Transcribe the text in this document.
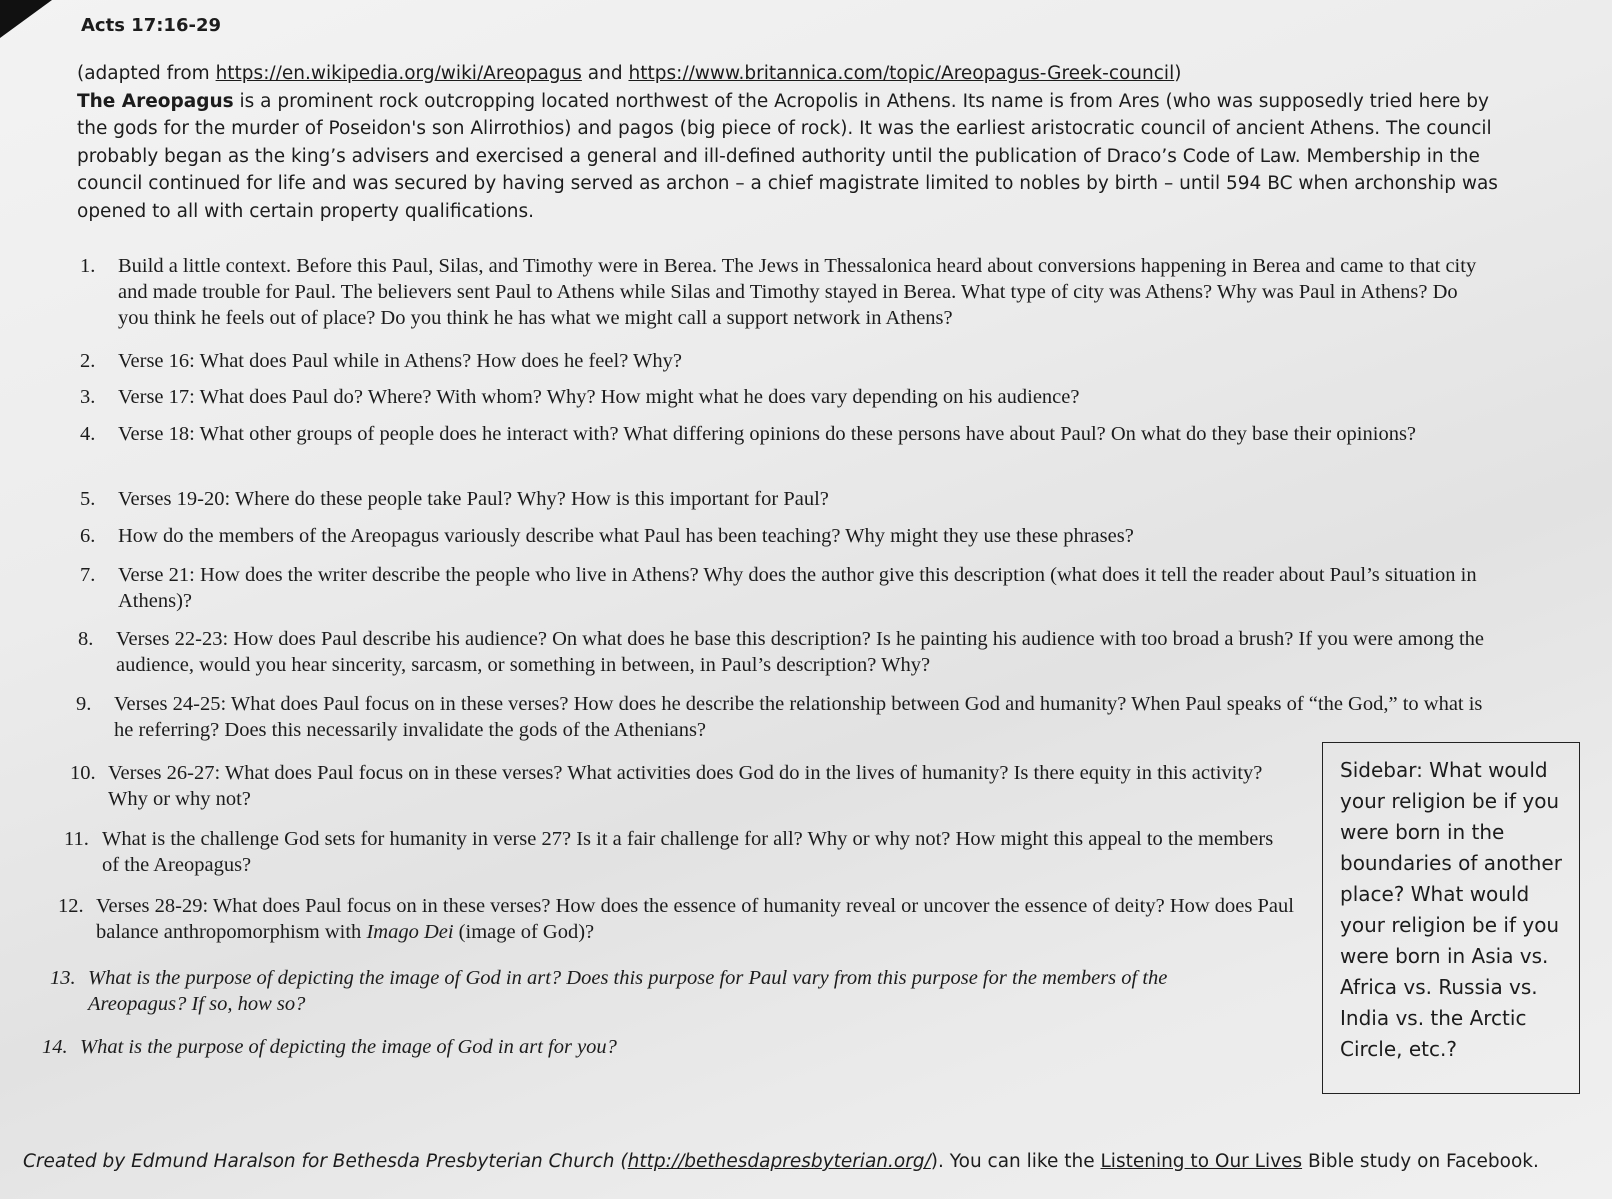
Acts 17:16-29
(adapted from https://en.wikipedia.org/wiki/Areopagus and https://www.britannica.com/topic/Areopagus-Greek-council)
The Areopagus is a prominent rock outcropping located northwest of the Acropolis in Athens. Its name is from Ares (who was supposedly tried here by the gods for the murder of Poseidon's son Alirrothios) and pagos (big piece of rock). It was the earliest aristocratic council of ancient Athens. The council probably began as the king’s advisers and exercised a general and ill-defined authority until the publication of Draco’s Code of Law. Membership in the council continued for life and was secured by having served as archon – a chief magistrate limited to nobles by birth – until 594 BC when archonship was opened to all with certain property qualifications.
1. Build a little context. Before this Paul, Silas, and Timothy were in Berea. The Jews in Thessalonica heard about conversions happening in Berea and came to that city and made trouble for Paul. The believers sent Paul to Athens while Silas and Timothy stayed in Berea. What type of city was Athens? Why was Paul in Athens? Do you think he feels out of place? Do you think he has what we might call a support network in Athens?
2. Verse 16: What does Paul while in Athens? How does he feel? Why?
3. Verse 17: What does Paul do? Where? With whom? Why? How might what he does vary depending on his audience?
4. Verse 18: What other groups of people does he interact with? What differing opinions do these persons have about Paul? On what do they base their opinions?
5. Verses 19-20: Where do these people take Paul? Why? How is this important for Paul?
6. How do the members of the Areopagus variously describe what Paul has been teaching? Why might they use these phrases?
7. Verse 21: How does the writer describe the people who live in Athens? Why does the author give this description (what does it tell the reader about Paul’s situation in Athens)?
8. Verses 22-23: How does Paul describe his audience? On what does he base this description? Is he painting his audience with too broad a brush? If you were among the audience, would you hear sincerity, sarcasm, or something in between, in Paul’s description? Why?
9. Verses 24-25: What does Paul focus on in these verses? How does he describe the relationship between God and humanity? When Paul speaks of “the God,” to what is he referring? Does this necessarily invalidate the gods of the Athenians?
10. Verses 26-27: What does Paul focus on in these verses? What activities does God do in the lives of humanity? Is there equity in this activity? Why or why not?
11. What is the challenge God sets for humanity in verse 27? Is it a fair challenge for all? Why or why not? How might this appeal to the members of the Areopagus?
12. Verses 28-29: What does Paul focus on in these verses? How does the essence of humanity reveal or uncover the essence of deity? How does Paul balance anthropomorphism with Imago Dei (image of God)?
13. What is the purpose of depicting the image of God in art? Does this purpose for Paul vary from this purpose for the members of the Areopagus? If so, how so?
14. What is the purpose of depicting the image of God in art for you?
Sidebar: What would your religion be if you were born in the boundaries of another place? What would your religion be if you were born in Asia vs. Africa vs. Russia vs. India vs. the Arctic Circle, etc.?
Created by Edmund Haralson for Bethesda Presbyterian Church (http://bethesdapresbyterian.org/). You can like the Listening to Our Lives Bible study on Facebook.
